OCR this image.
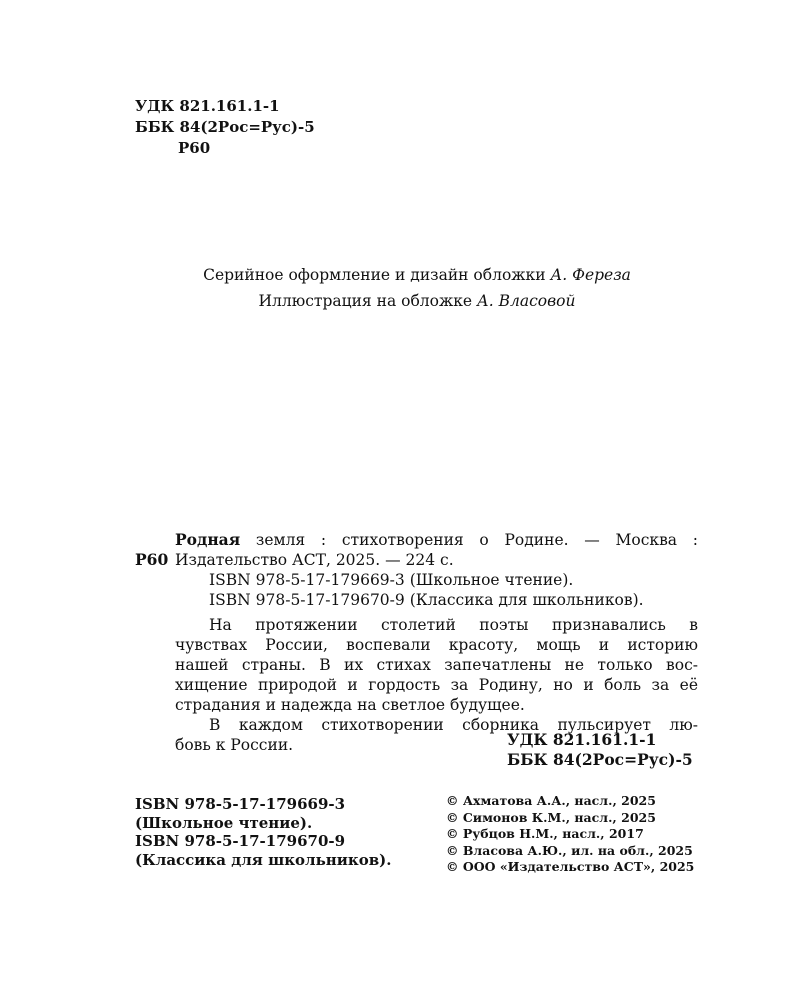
УДК 821.161.1-1
ББК 84(2Рос=Рус)-5
Р60
Серийное оформление и дизайн обложки А. Фереза
Иллюстрация на обложке А. Власовой
Родная земля : стихотворения о Родине. — Москва :
Р60 Издательство АСТ, 2025. — 224 с.
ISBN 978-5-17-179669-3 (Школьное чтение).
ISBN 978-5-17-179670-9 (Классика для школьников).
На протяжении столетий поэты признавались в
чувствах России, воспевали красоту, мощь и историю
нашей страны. В их стихах запечатлены не только вос-
хищение природой и гордость за Родину, но и боль за её
страдания и надежда на светлое будущее.
В каждом стихотворении сборника пульсирует лю-
бовь к России.	УДК 821.161.1-1
ББК 84(2Рос=Рус)-5
ISBN 978-5-17-179669-3
(Школьное чтение).
ISBN 978-5-17-179670-9
(Классика для школьников).
© Ахматова А.А., насл., 2025
© Симонов К.М., насл., 2025
© Рубцов Н.М., насл., 2017
© Власова А.Ю., ил. на обл., 2025
© ООО «Издательство АСТ», 2025
